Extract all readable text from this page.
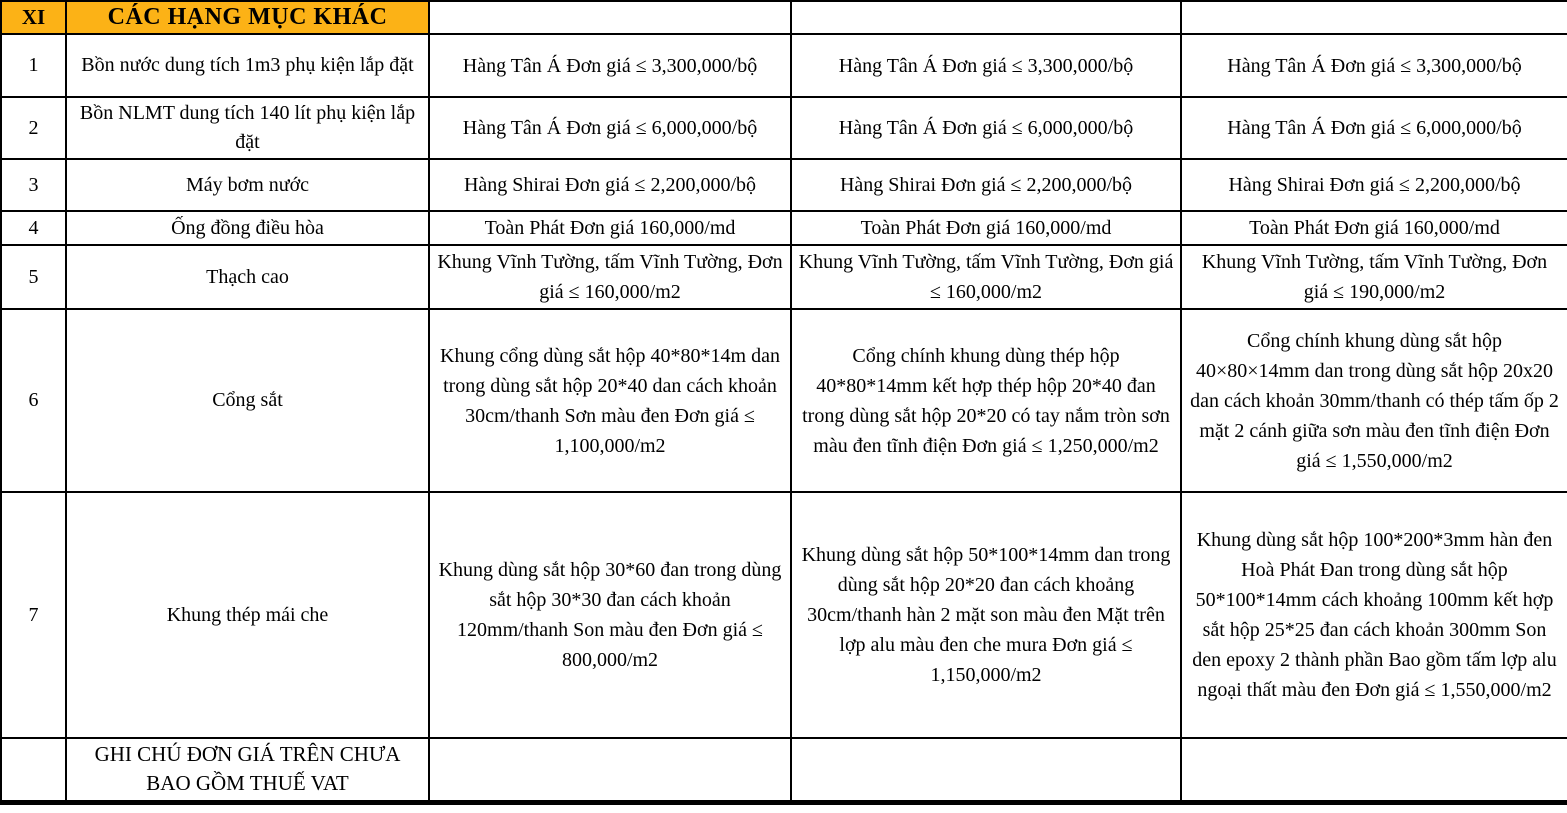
XI	CÁC HẠNG MỤC KHÁC			
1	Bồn nước dung tích 1m3 phụ kiện lắp đặt	Hàng Tân Á Đơn giá ≤ 3,300,000/bộ	Hàng Tân Á Đơn giá ≤ 3,300,000/bộ	Hàng Tân Á Đơn giá ≤ 3,300,000/bộ
2	Bồn NLMT dung tích 140 lít phụ kiện lắp đặt	Hàng Tân Á Đơn giá ≤ 6,000,000/bộ	Hàng Tân Á Đơn giá ≤ 6,000,000/bộ	Hàng Tân Á Đơn giá ≤ 6,000,000/bộ
3	Máy bơm nước	Hàng Shirai Đơn giá ≤ 2,200,000/bộ	Hàng Shirai Đơn giá ≤ 2,200,000/bộ	Hàng Shirai Đơn giá ≤ 2,200,000/bộ
4	Ống đồng điều hòa	Toàn Phát Đơn giá 160,000/md	Toàn Phát Đơn giá 160,000/md	Toàn Phát Đơn giá 160,000/md
5	Thạch cao	Khung Vĩnh Tường, tấm Vĩnh Tường, Đơn giá ≤ 160,000/m2	Khung Vĩnh Tường, tấm Vĩnh Tường, Đơn giá ≤ 160,000/m2	Khung Vĩnh Tường, tấm Vĩnh Tường, Đơn giá ≤ 190,000/m2
6	Cổng sắt	Khung cổng dùng sắt hộp 40*80*14m dan trong dùng sắt hộp 20*40 dan cách khoản 30cm/thanh Sơn màu đen Đơn giá ≤ 1,100,000/m2	Cổng chính khung dùng thép hộp 40*80*14mm kết hợp thép hộp 20*40 đan trong dùng sắt hộp 20*20 có tay nắm tròn sơn màu đen tĩnh điện Đơn giá ≤ 1,250,000/m2	Cổng chính khung dùng sắt hộp 40×80×14mm dan trong dùng sắt hộp 20x20 dan cách khoản 30mm/thanh có thép tấm ốp 2 mặt 2 cánh giữa sơn màu đen tĩnh điện Đơn giá ≤ 1,550,000/m2
7	Khung thép mái che	Khung dùng sắt hộp 30*60 đan trong dùng sắt hộp 30*30 đan cách khoản 120mm/thanh Son màu đen Đơn giá ≤ 800,000/m2	Khung dùng sắt hộp 50*100*14mm dan trong dùng sắt hộp 20*20 đan cách khoảng 30cm/thanh hàn 2 mặt son màu đen Mặt trên lợp alu màu đen che mura Đơn giá ≤ 1,150,000/m2	Khung dùng sắt hộp 100*200*3mm hàn đen Hoà Phát Đan trong dùng sắt hộp 50*100*14mm cách khoảng 100mm kết hợp sắt hộp 25*25 đan cách khoản 300mm Son den epoxy 2 thành phần Bao gồm tấm lợp alu ngoại thất màu đen Đơn giá ≤ 1,550,000/m2
	GHI CHÚ ĐƠN GIÁ TRÊN CHƯA BAO GỒM THUẾ VAT			
